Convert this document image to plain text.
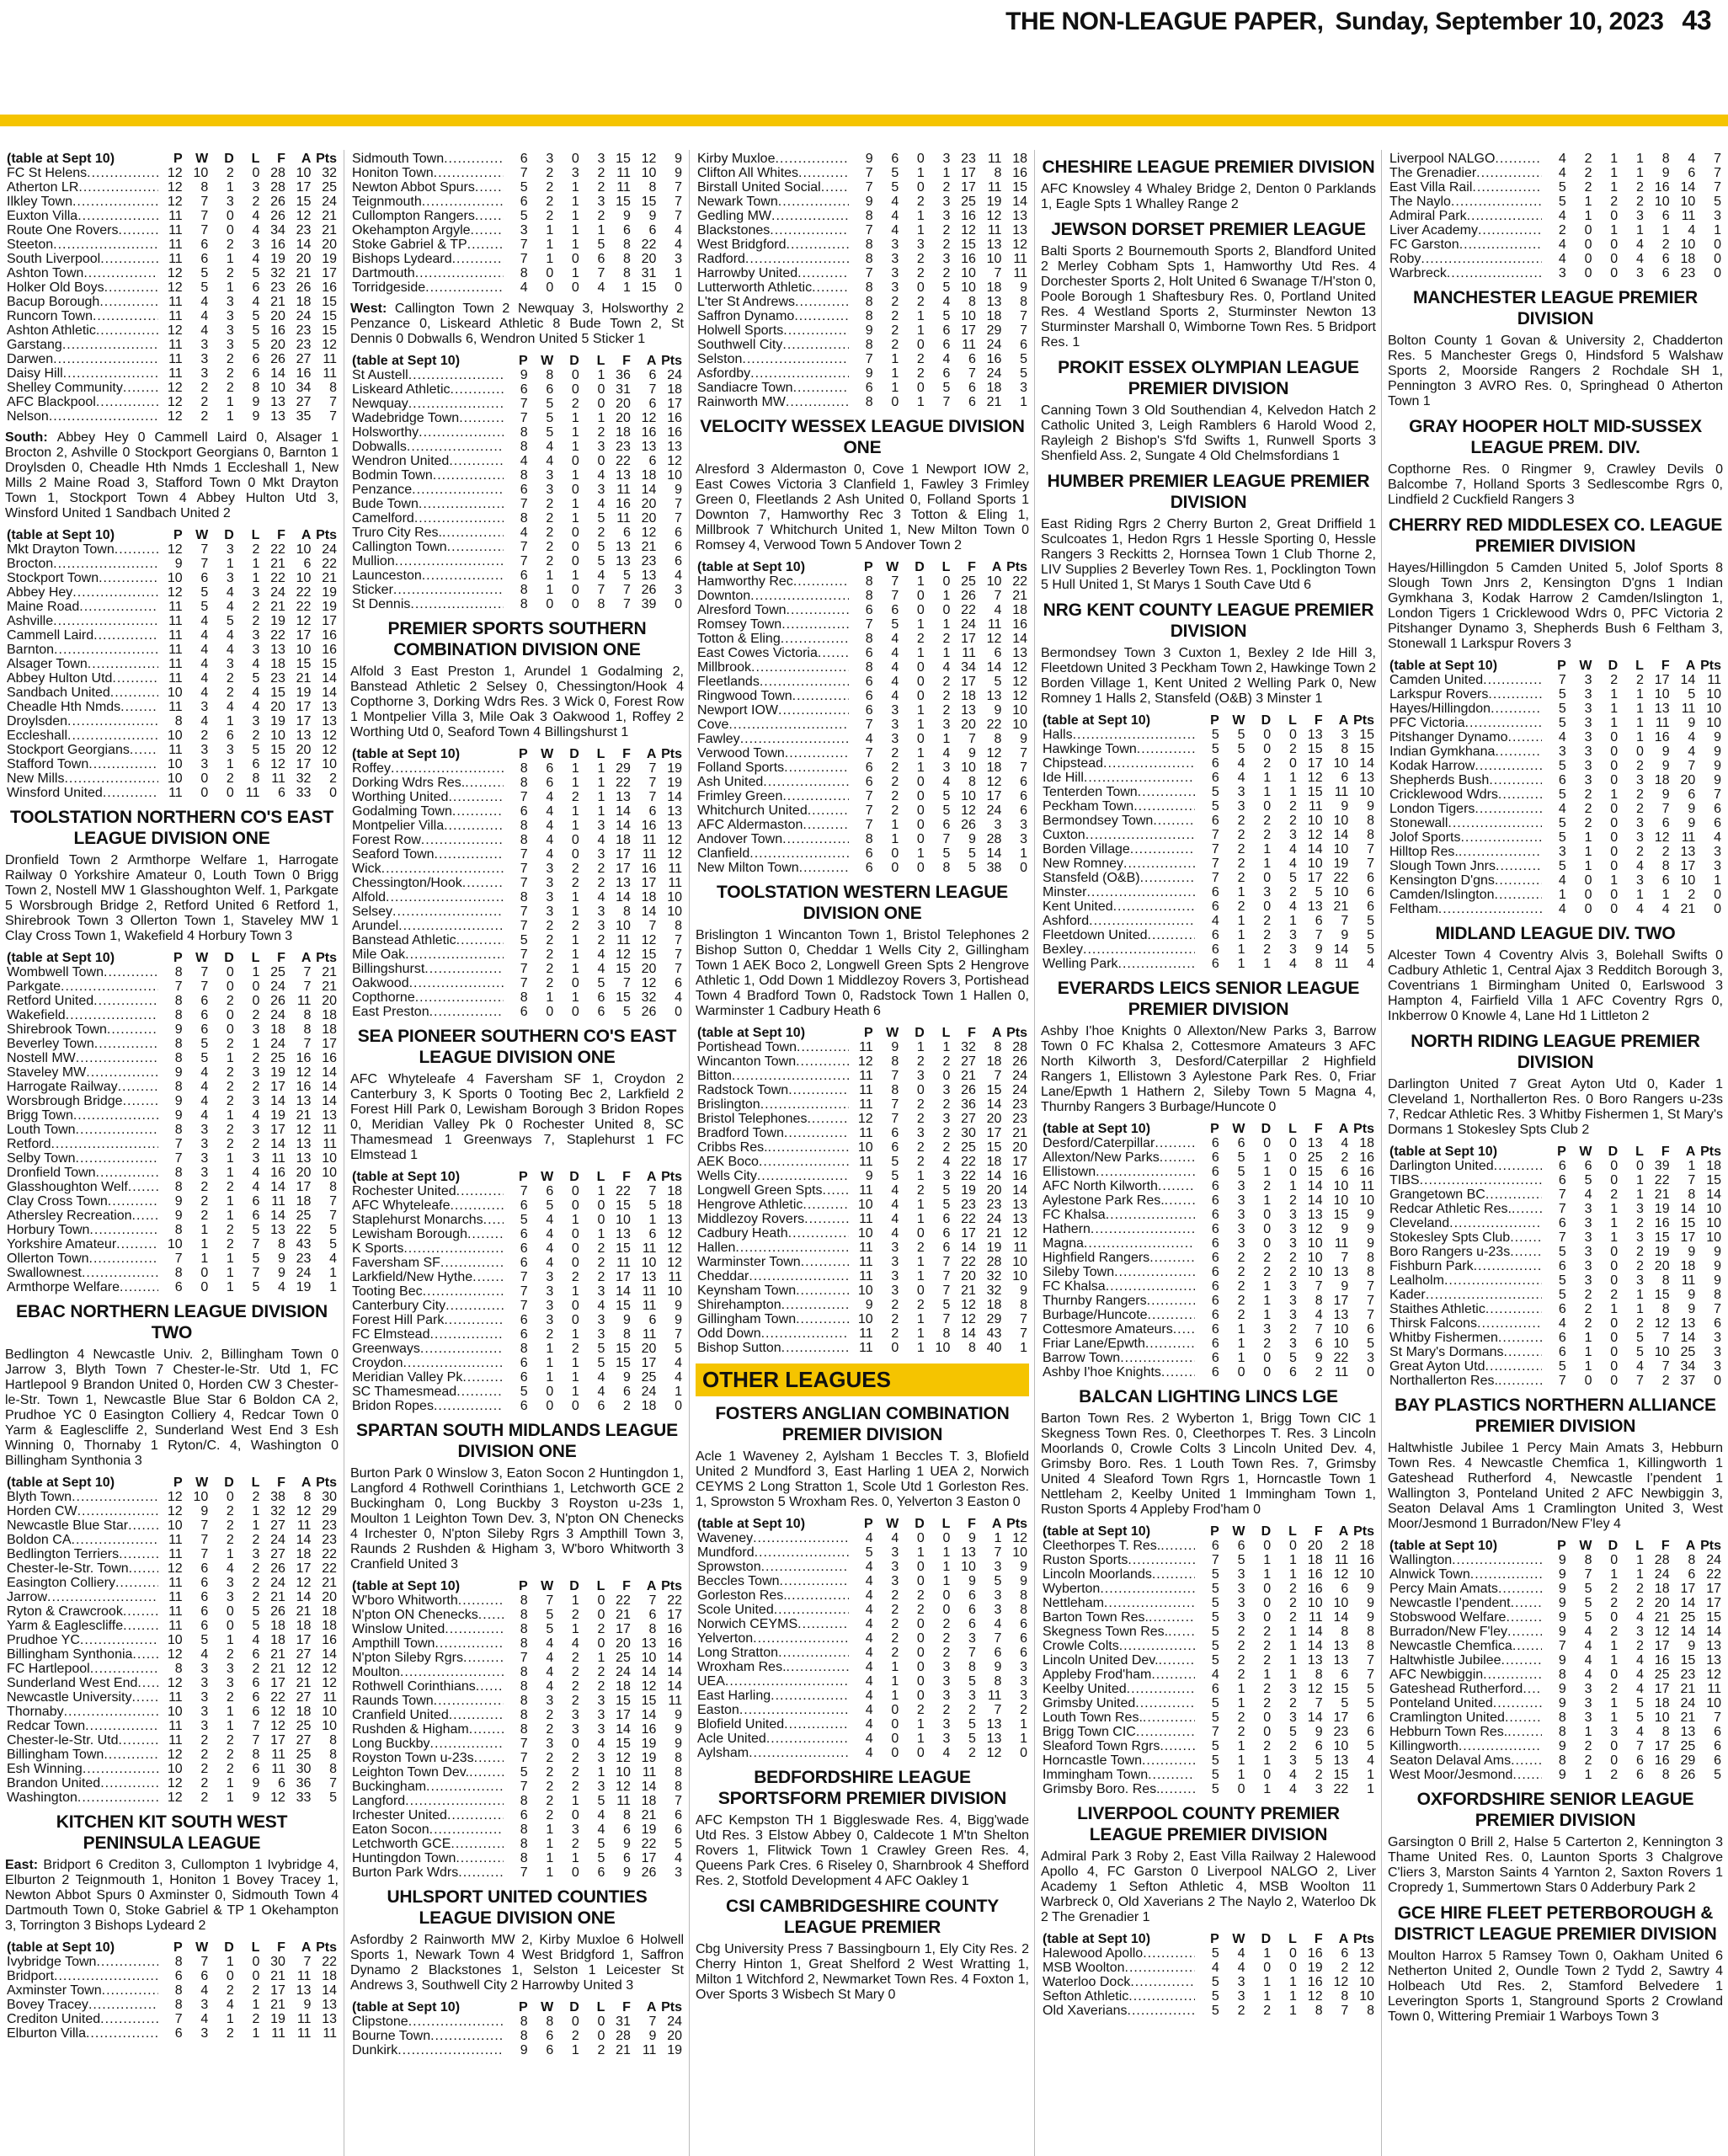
THE NON-LEAGUE PAPER, Sunday, September 10, 2023 43
(table at Sept 10)	P	W	D	L	F	A	Pts
FC St Helens .....	12	10	2	0	28	10	32
Atherton LR .....	12	8	1	3	28	17	25
Ilkley Town .....	12	7	3	2	26	15	24
Euxton Villa .....	11	7	0	4	26	12	21
Route One Rovers .....	11	7	0	4	34	23	21
Steeton .....	11	6	2	3	16	14	20
South Liverpool .....	11	6	1	4	19	20	19
Ashton Town .....	12	5	2	5	32	21	17
Holker Old Boys .....	12	5	1	6	23	26	16
Bacup Borough .....	11	4	3	4	21	18	15
Runcorn Town .....	11	4	3	5	20	24	15
Ashton Athletic .....	12	4	3	5	16	23	15
Garstang .....	11	3	3	5	20	23	12
Darwen .....	11	3	2	6	26	27	11
Daisy Hill .....	11	3	2	6	14	16	11
Shelley Community .....	12	2	2	8	10	34	8
AFC Blackpool .....	12	2	1	9	13	27	7
Nelson .....	12	2	1	9	13	35	7
South: Abbey Hey 0 Cammell Laird 0, Alsager 1 Brocton 2, Ashville 0 Stockport Georgians 0, Barnton 1 Droylsden 0, Cheadle Hth Nmds 1 Eccleshall 1, New Mills 2 Maine Road 3, Stafford Town 0 Mkt Drayton Town 1, Stockport Town 4 Abbey Hulton Utd 3, Winsford United 1 Sandbach United 2
(table at Sept 10)	P	W	D	L	F	A	Pts
Mkt Drayton Town .....	12	7	3	2	22	10	24
Brocton .....	9	7	1	1	21	6	22
Stockport Town .....	10	6	3	1	22	10	21
Abbey Hey .....	12	5	4	3	24	22	19
Maine Road .....	11	5	4	2	21	22	19
Ashville .....	11	4	5	2	19	12	17
Cammell Laird .....	11	4	4	3	22	17	16
Barnton .....	11	4	4	3	13	10	16
Alsager Town .....	11	4	3	4	18	15	15
Abbey Hulton Utd .....	11	4	2	5	23	21	14
Sandbach United .....	10	4	2	4	15	19	14
Cheadle Hth Nmds .....	11	3	4	4	20	17	13
Droylsden .....	8	4	1	3	19	17	13
Eccleshall .....	10	2	6	2	10	13	12
Stockport Georgians .....	11	3	3	5	15	20	12
Stafford Town .....	10	3	1	6	12	17	10
New Mills .....	10	0	2	8	11	32	2
Winsford United .....	11	0	0	11	6	33	0
TOOLSTATION NORTHERN CO'S EAST LEAGUE DIVISION ONE
Dronfield Town 2 Armthorpe Welfare 1, Harrogate Railway 0 Yorkshire Amateur 0, Louth Town 0 Brigg Town 2, Nostell MW 1 Glasshoughton Welf. 1, Parkgate 5 Worsbrough Bridge 2, Retford United 6 Retford 1, Shirebrook Town 3 Ollerton Town 1, Staveley MW 1 Clay Cross Town 1, Wakefield 4 Horbury Town 3
(table at Sept 10)	P	W	D	L	F	A	Pts
Wombwell Town .....	8	7	0	1	25	7	21
Parkgate .....	7	7	0	0	24	7	21
Retford United .....	8	6	2	0	26	11	20
Wakefield .....	8	6	0	2	24	8	18
Shirebrook Town .....	9	6	0	3	18	8	18
Beverley Town .....	8	5	2	1	24	7	17
Nostell MW .....	8	5	1	2	25	16	16
Staveley MW .....	9	4	2	3	19	12	14
Harrogate Railway .....	8	4	2	2	17	16	14
Worsbrough Bridge .....	9	4	2	3	14	13	14
Brigg Town .....	9	4	1	4	19	21	13
Louth Town .....	8	3	2	3	17	12	11
Retford .....	7	3	2	2	14	13	11
Selby Town .....	7	3	1	3	11	13	10
Dronfield Town .....	8	3	1	4	16	20	10
Glasshoughton Welf .....	8	2	2	4	14	17	8
Clay Cross Town .....	9	2	1	6	11	18	7
Athersley Recreation .....	9	2	1	6	14	25	7
Horbury Town .....	8	1	2	5	13	22	5
Yorkshire Amateur .....	10	1	2	7	8	43	5
Ollerton Town .....	7	1	1	5	9	23	4
Swallownest .....	8	0	1	7	9	24	1
Armthorpe Welfare .....	6	0	1	5	4	19	1
EBAC NORTHERN LEAGUE DIVISION TWO
Bedlington 4 Newcastle Univ. 2, Billingham Town 0 Jarrow 3, Blyth Town 7 Chester-le-Str. Utd 1, FC Hartlepool 9 Brandon United 0, Horden CW 3 Chester-le-Str. Town 1, Newcastle Blue Star 6 Boldon CA 2, Prudhoe YC 0 Easington Colliery 4, Redcar Town 0 Yarm & Eaglescliffe 2, Sunderland West End 3 Esh Winning 0, Thornaby 1 Ryton/C. 4, Washington 0 Billingham Synthonia 3
(table at Sept 10)	P	W	D	L	F	A	Pts
Blyth Town .....	12	10	0	2	38	8	30
Horden CW .....	12	9	2	1	32	12	29
Newcastle Blue Star .....	10	7	2	1	27	11	23
Boldon CA .....	11	7	2	2	24	14	23
Bedlington Terriers .....	11	7	1	3	27	18	22
Chester-le-Str. Town .....	12	6	4	2	26	17	22
Easington Colliery .....	11	6	3	2	24	12	21
Jarrow .....	11	6	3	2	21	14	20
Ryton & Crawcrook .....	11	6	0	5	26	21	18
Yarm & Eaglescliffe .....	11	6	0	5	18	18	18
Prudhoe YC .....	10	5	1	4	18	17	16
Billingham Synthonia .....	12	4	2	6	21	27	14
FC Hartlepool .....	8	3	3	2	21	12	12
Sunderland West End .....	12	3	3	6	17	21	12
Newcastle University .....	11	3	2	6	22	27	11
Thornaby .....	10	3	1	6	12	18	10
Redcar Town .....	11	3	1	7	12	25	10
Chester-le-Str. Utd .....	11	2	2	7	17	27	8
Billingham Town .....	12	2	2	8	11	25	8
Esh Winning .....	10	2	2	6	11	30	8
Brandon United .....	12	2	1	9	6	36	7
Washington .....	12	2	1	9	12	33	5
KITCHEN KIT SOUTH WEST PENINSULA LEAGUE
East: Bridport 6 Crediton 3, Cullompton 1 Ivybridge 4, Elburton 2 Teignmouth 1, Honiton 1 Bovey Tracey 1, Newton Abbot Spurs 0 Axminster 0, Sidmouth Town 4 Dartmouth Town 0, Stoke Gabriel & TP 1 Okehampton 3, Torrington 3 Bishops Lydeard 2
(table at Sept 10)	P	W	D	L	F	A	Pts
Ivybridge Town .....	8	7	1	0	30	7	22
Bridport .....	6	6	0	0	21	11	18
Axminster Town .....	8	4	2	2	17	13	14
Bovey Tracey .....	8	3	4	1	21	9	13
Crediton United .....	7	4	1	2	19	11	13
Elburton Villa .....	6	3	2	1	11	11	11
Sidmouth Town .....	6	3	0	3	15	12	9
Honiton Town .....	7	2	3	2	11	10	9
Newton Abbot Spurs .....	5	2	1	2	11	8	7
Teignmouth .....	6	2	1	3	15	15	7
Cullompton Rangers .....	5	2	1	2	9	9	7
Okehampton Argyle .....	3	1	1	1	6	6	4
Stoke Gabriel & TP .....	7	1	1	5	8	22	4
Bishops Lydeard .....	7	1	0	6	8	20	3
Dartmouth .....	8	0	1	7	8	31	1
Torridgeside .....	4	0	0	4	1	15	0
West: Callington Town 2 Newquay 3, Holsworthy 2 Penzance 0, Liskeard Athletic 8 Bude Town 2, St Dennis 0 Dobwalls 6, Wendron United 5 Sticker 1
(table at Sept 10)	P	W	D	L	F	A	Pts
St Austell .....	9	8	0	1	36	6	24
Liskeard Athletic .....	6	6	0	0	31	7	18
Newquay .....	7	5	2	0	20	6	17
Wadebridge Town .....	7	5	1	1	20	12	16
Holsworthy .....	8	5	1	2	18	16	16
Dobwalls .....	8	4	1	3	23	13	13
Wendron United .....	4	4	0	0	22	6	12
Bodmin Town .....	8	3	1	4	13	18	10
Penzance .....	6	3	0	3	11	14	9
Bude Town .....	7	2	1	4	16	20	7
Camelford .....	8	2	1	5	11	20	7
Truro City Res. .....	4	2	0	2	6	12	6
Callington Town .....	7	2	0	5	13	21	6
Mullion .....	7	2	0	5	13	23	6
Launceston .....	6	1	1	4	5	13	4
Sticker .....	8	1	0	7	7	26	3
St Dennis .....	8	0	0	8	7	39	0
PREMIER SPORTS SOUTHERN COMBINATION DIVISION ONE
Alfold 3 East Preston 1, Arundel 1 Godalming 2, Banstead Athletic 2 Selsey 0, Chessington/Hook 4 Copthorne 3, Dorking Wdrs Res. 3 Wick 0, Forest Row 1 Montpelier Villa 3, Mile Oak 3 Oakwood 1, Roffey 2 Worthing Utd 0, Seaford Town 4 Billingshurst 1
(table at Sept 10)	P	W	D	L	F	A	Pts
Roffey .....	8	6	1	1	29	7	19
Dorking Wdrs Res. .....	8	6	1	1	22	7	19
Worthing United .....	7	4	2	1	13	7	14
Godalming Town .....	6	4	1	1	14	6	13
Montpelier Villa .....	8	4	1	3	14	16	13
Forest Row .....	8	4	0	4	18	11	12
Seaford Town .....	7	4	0	3	17	11	12
Wick .....	7	3	2	2	17	16	11
Chessington/Hook .....	7	3	2	2	13	17	11
Alfold .....	8	3	1	4	14	18	10
Selsey .....	7	3	1	3	8	14	10
Arundel .....	7	2	2	3	10	7	8
Banstead Athletic .....	5	2	1	2	11	12	7
Mile Oak .....	7	2	1	4	12	15	7
Billingshurst .....	7	2	1	4	15	20	7
Oakwood .....	7	2	0	5	7	12	6
Copthorne .....	8	1	1	6	15	32	4
East Preston .....	6	0	0	6	5	26	0
SEA PIONEER SOUTHERN CO'S EAST LEAGUE DIVISION ONE
AFC Whyteleafe 4 Faversham SF 1, Croydon 2 Canterbury 3, K Sports 0 Tooting Bec 2, Larkfield 2 Forest Hill Park 0, Lewisham Borough 3 Bridon Ropes 0, Meridian Valley Pk 0 Rochester United 8, SC Thamesmead 1 Greenways 7, Staplehurst 1 FC Elmstead 1
(table at Sept 10)	P	W	D	L	F	A	Pts
Rochester United .....	7	6	0	1	22	7	18
AFC Whyteleafe .....	6	5	0	0	15	5	18
Staplehurst Monarchs .....	5	4	1	0	10	1	13
Lewisham Borough .....	6	4	0	1	13	6	12
K Sports .....	6	4	0	2	15	11	12
Faversham SF .....	6	4	0	2	11	10	12
Larkfield/New Hythe .....	7	3	2	2	17	13	11
Tooting Bec .....	7	3	1	3	14	11	10
Canterbury City .....	7	3	0	4	15	11	9
Forest Hill Park .....	6	3	0	3	9	6	9
FC Elmstead .....	6	2	1	3	8	11	7
Greenways .....	8	1	2	5	15	20	5
Croydon .....	6	1	1	5	15	17	4
Meridian Valley Pk .....	6	1	1	4	9	25	4
SC Thamesmead .....	5	0	1	4	6	24	1
Bridon Ropes .....	6	0	0	6	2	18	0
SPARTAN SOUTH MIDLANDS LEAGUE DIVISION ONE
Burton Park 0 Winslow 3, Eaton Socon 2 Huntingdon 1, Langford 4 Rothwell Corinthians 1, Letchworth GCE 2 Buckingham 0, Long Buckby 3 Royston u-23s 1, Moulton 1 Leighton Town Dev. 3, N'pton ON Chenecks 4 Irchester 0, N'pton Sileby Rgrs 3 Ampthill Town 3, Raunds 2 Rushden & Higham 3, W'boro Whitworth 3 Cranfield United 3
(table at Sept 10)	P	W	D	L	F	A	Pts
W'boro Whitworth .....	8	7	1	0	22	7	22
N'pton ON Chenecks .....	8	5	2	0	21	6	17
Winslow United .....	8	5	1	2	17	8	16
Ampthill Town .....	8	4	4	0	20	13	16
N'pton Sileby Rgrs .....	7	4	2	1	25	10	14
Moulton .....	8	4	2	2	24	14	14
Rothwell Corinthians .....	8	4	2	2	18	12	14
Raunds Town .....	8	3	2	3	15	15	11
Cranfield United .....	8	2	3	3	17	14	9
Rushden & Higham .....	8	2	3	3	14	16	9
Long Buckby .....	7	3	0	4	15	19	9
Royston Town u-23s .....	7	2	2	3	12	19	8
Leighton Town Dev. .....	5	2	2	1	10	11	8
Buckingham .....	7	2	2	3	12	14	8
Langford .....	8	2	1	5	11	18	7
Irchester United .....	6	2	0	4	8	21	6
Eaton Socon .....	8	1	3	4	6	19	6
Letchworth GCE .....	8	1	2	5	9	22	5
Huntingdon Town .....	8	1	1	5	6	17	4
Burton Park Wdrs .....	7	1	0	6	9	26	3
UHLSPORT UNITED COUNTIES LEAGUE DIVISION ONE
Asfordby 2 Rainworth MW 2, Kirby Muxloe 6 Holwell Sports 1, Newark Town 4 West Bridgford 1, Saffron Dynamo 2 Blackstones 1, Selston 1 Leicester St Andrews 3, Southwell City 2 Harrowby United 3
(table at Sept 10)	P	W	D	L	F	A	Pts
Clipstone .....	8	8	0	0	31	7	24
Bourne Town .....	8	6	2	0	28	9	20
Dunkirk .....	9	6	1	2	21	11	19
Kirby Muxloe .....	9	6	0	3	23	11	18
Clifton All Whites .....	7	5	1	1	17	8	16
Birstall United Social .....	7	5	0	2	17	11	15
Newark Town .....	9	4	2	3	25	19	14
Gedling MW .....	8	4	1	3	16	12	13
Blackstones .....	7	4	1	2	12	11	13
West Bridgford .....	8	3	3	2	15	13	12
Radford .....	8	3	2	3	16	10	11
Harrowby United .....	7	3	2	2	10	7	11
Lutterworth Athletic .....	8	3	0	5	10	18	9
L'ter St Andrews .....	8	2	2	4	8	13	8
Saffron Dynamo .....	8	2	1	5	10	18	7
Holwell Sports .....	9	2	1	6	17	29	7
Southwell City .....	8	2	0	6	11	24	6
Selston .....	7	1	2	4	6	16	5
Asfordby .....	9	1	2	6	7	24	5
Sandiacre Town .....	6	1	0	5	6	18	3
Rainworth MW .....	8	0	1	7	6	21	1
VELOCITY WESSEX LEAGUE DIVISION ONE
Alresford 3 Aldermaston 0, Cove 1 Newport IOW 2, East Cowes Victoria 3 Clanfield 1, Fawley 3 Frimley Green 0, Fleetlands 2 Ash United 0, Folland Sports 1 Downton 7, Hamworthy Rec 3 Totton & Eling 1, Millbrook 7 Whitchurch United 1, New Milton Town 0 Romsey 4, Verwood Town 5 Andover Town 2
(table at Sept 10)	P	W	D	L	F	A	Pts
Hamworthy Rec .....	8	7	1	0	25	10	22
Downton .....	8	7	0	1	26	7	21
Alresford Town .....	6	6	0	0	22	4	18
Romsey Town .....	7	5	1	1	24	11	16
Totton & Eling .....	8	4	2	2	17	12	14
East Cowes Victoria .....	6	4	1	1	11	6	13
Millbrook .....	8	4	0	4	34	14	12
Fleetlands .....	6	4	0	2	17	5	12
Ringwood Town .....	6	4	0	2	18	13	12
Newport IOW .....	6	3	1	2	13	9	10
Cove .....	7	3	1	3	20	22	10
Fawley .....	4	3	0	1	7	8	9
Verwood Town .....	7	2	1	4	9	12	7
Folland Sports .....	6	2	1	3	10	18	7
Ash United .....	6	2	0	4	8	12	6
Frimley Green .....	7	2	0	5	10	17	6
Whitchurch United .....	7	2	0	5	12	24	6
AFC Aldermaston .....	7	1	0	6	26	3	3
Andover Town .....	8	1	0	7	9	28	3
Clanfield .....	6	0	1	5	5	14	1
New Milton Town .....	6	0	0	8	5	38	0
TOOLSTATION WESTERN LEAGUE DIVISION ONE
Brislington 1 Wincanton Town 1, Bristol Telephones 2 Bishop Sutton 0, Cheddar 1 Wells City 2, Gillingham Town 1 AEK Boco 2, Longwell Green Spts 2 Hengrove Athletic 1, Odd Down 1 Middlezoy Rovers 3, Portishead Town 4 Bradford Town 0, Radstock Town 1 Hallen 0, Warminster 1 Cadbury Heath 6
(table at Sept 10)	P	W	D	L	F	A	Pts
Portishead Town .....	11	9	1	1	32	8	28
Wincanton Town .....	12	8	2	2	27	18	26
Bitton .....	11	7	3	0	21	7	24
Radstock Town .....	11	8	0	3	26	15	24
Brislington .....	11	7	2	2	36	14	23
Bristol Telephones .....	12	7	2	3	27	20	23
Bradford Town .....	11	6	3	2	30	17	21
Cribbs Res. .....	10	6	2	2	25	15	20
AEK Boco .....	11	5	2	4	22	18	17
Wells City .....	9	5	1	3	22	14	16
Longwell Green Spts .....	11	4	2	5	19	20	14
Hengrove Athletic .....	10	4	1	5	23	23	13
Middlezoy Rovers .....	11	4	1	6	22	24	13
Cadbury Heath .....	10	4	0	6	17	21	12
Hallen .....	11	3	2	6	14	19	11
Warminster Town .....	11	3	1	7	22	28	10
Cheddar .....	11	3	1	7	20	32	10
Keynsham Town .....	10	3	0	7	21	32	9
Shirehampton .....	9	2	2	5	12	18	8
Gillingham Town .....	10	2	1	7	12	29	7
Odd Down .....	11	2	1	8	14	43	7
Bishop Sutton .....	11	0	1	10	8	40	1
OTHER LEAGUES
FOSTERS ANGLIAN COMBINATION PREMIER DIVISION
Acle 1 Waveney 2, Aylsham 1 Beccles T. 3, Blofield United 2 Mundford 3, East Harling 1 UEA 2, Norwich CEYMS 2 Long Stratton 1, Scole Utd 1 Gorleston Res. 1, Sprowston 5 Wroxham Res. 0, Yelverton 3 Easton 0
(table at Sept 10)	P	W	D	L	F	A	Pts
Waveney .....	4	4	0	0	9	1	12
Mundford .....	5	3	1	1	13	7	10
Sprowston .....	4	3	0	1	10	3	9
Beccles Town .....	4	3	0	1	9	5	9
Gorleston Res. .....	4	2	2	0	6	3	8
Scole United .....	4	2	2	0	6	3	8
Norwich CEYMS .....	4	2	0	2	6	4	6
Yelverton .....	4	2	0	2	3	7	6
Long Stratton .....	4	2	0	2	7	6	6
Wroxham Res. .....	4	1	0	3	8	9	3
UEA .....	4	1	0	3	5	8	3
East Harling .....	4	1	0	3	3	11	3
Easton .....	4	0	2	2	2	7	2
Blofield United .....	4	0	1	3	5	13	1
Acle United .....	4	0	1	3	5	13	1
Aylsham .....	4	0	0	4	2	12	0
BEDFORDSHIRE LEAGUE SPORTSFORM PREMIER DIVISION
AFC Kempston TH 1 Biggleswade Res. 4, Bigg'wade Utd Res. 3 Elstow Abbey 0, Caldecote 1 M'tn Shelton Rovers 1, Flitwick Town 1 Crawley Green Res. 4, Queens Park Cres. 6 Riseley 0, Sharnbrook 4 Shefford Res. 2, Stotfold Development 4 AFC Oakley 1
CSI CAMBRIDGESHIRE COUNTY LEAGUE PREMIER
Cbg University Press 7 Bassingbourn 1, Ely City Res. 2 Cherry Hinton 1, Great Shelford 2 West Wratting 1, Milton 1 Witchford 2, Newmarket Town Res. 4 Foxton 1, Over Sports 3 Wisbech St Mary 0
CHESHIRE LEAGUE PREMIER DIVISION
AFC Knowsley 4 Whaley Bridge 2, Denton 0 Parklands 1, Eagle Spts 1 Whalley Range 2
JEWSON DORSET PREMIER LEAGUE
Balti Sports 2 Bournemouth Sports 2, Blandford United 2 Merley Cobham Spts 1, Hamworthy Utd Res. 4 Dorchester Sports 2, Holt United 6 Swanage T/H'ston 0, Poole Borough 1 Shaftesbury Res. 0, Portland United Res. 4 Westland Sports 2, Sturminster Newton 13 Sturminster Marshall 0, Wimborne Town Res. 5 Bridport Res. 1
PROKIT ESSEX OLYMPIAN LEAGUE PREMIER DIVISION
Canning Town 3 Old Southendian 4, Kelvedon Hatch 2 Catholic United 3, Leigh Ramblers 6 Harold Wood 2, Rayleigh 2 Bishop's S'fd Swifts 1, Runwell Sports 3 Shenfield Ass. 2, Sungate 4 Old Chelmsfordians 1
HUMBER PREMIER LEAGUE PREMIER DIVISION
East Riding Rgrs 2 Cherry Burton 2, Great Driffield 1 Sculcoates 1, Hedon Rgrs 1 Hessle Sporting 0, Hessle Rangers 3 Reckitts 2, Hornsea Town 1 Club Thorne 2, LIV Supplies 2 Beverley Town Res. 1, Pocklington Town 5 Hull United 1, St Marys 1 South Cave Utd 6
NRG KENT COUNTY LEAGUE PREMIER DIVISION
Bermondsey Town 3 Cuxton 1, Bexley 2 Ide Hill 3, Fleetdown United 3 Peckham Town 2, Hawkinge Town 2 Borden Village 1, Kent United 2 Welling Park 0, New Romney 1 Halls 2, Stansfeld (O&B) 3 Minster 1
(table at Sept 10)	P	W	D	L	F	A	Pts
Halls .....	5	5	0	0	13	3	15
Hawkinge Town .....	5	5	0	2	15	8	15
Chipstead .....	6	4	2	0	17	10	14
Ide Hill .....	6	4	1	1	12	6	13
Tenterden Town .....	5	3	1	1	15	11	10
Peckham Town .....	5	3	0	2	11	9	9
Bermondsey Town .....	6	2	2	2	10	10	8
Cuxton .....	7	2	2	3	12	14	8
Borden Village .....	7	2	1	4	14	10	7
New Romney .....	7	2	1	4	10	19	7
Stansfeld (O&B) .....	7	2	0	5	17	22	6
Minster .....	6	1	3	2	5	10	6
Kent United .....	6	2	0	4	13	21	6
Ashford .....	4	1	2	1	6	7	5
Fleetdown United .....	6	1	2	3	7	9	5
Bexley .....	6	1	2	3	9	14	5
Welling Park .....	6	1	1	4	8	11	4
EVERARDS LEICS SENIOR LEAGUE PREMIER DIVISION
Ashby I'hoe Knights 0 Allexton/New Parks 3, Barrow Town 0 FC Khalsa 2, Cottesmore Amateurs 3 AFC North Kilworth 3, Desford/Caterpillar 2 Highfield Rangers 1, Ellistown 3 Aylestone Park Res. 0, Friar Lane/Epwth 1 Hathern 2, Sileby Town 5 Magna 4, Thurnby Rangers 3 Burbage/Huncote 0
(table at Sept 10)	P	W	D	L	F	A	Pts
Desford/Caterpillar .....	6	6	0	0	13	4	18
Allexton/New Parks .....	6	5	1	0	25	2	16
Ellistown .....	6	5	1	0	15	6	16
AFC North Kilworth .....	6	3	2	1	14	10	11
Aylestone Park Res. .....	6	3	1	2	14	10	10
FC Khalsa .....	6	3	0	3	13	15	9
Hathern .....	6	3	0	3	12	9	9
Magna .....	6	3	0	3	10	11	9
Highfield Rangers .....	6	2	2	2	10	7	8
Sileby Town .....	6	2	2	2	10	13	8
FC Khalsa .....	6	2	1	3	7	9	7
Thurnby Rangers .....	6	2	1	3	8	17	7
Burbage/Huncote .....	6	2	1	3	4	13	7
Cottesmore Amateurs .....	6	1	3	2	7	10	6
Friar Lane/Epwth .....	6	1	2	3	6	10	5
Barrow Town .....	6	1	0	5	9	22	3
Ashby I'hoe Knights .....	6	0	0	6	2	11	0
BALCAN LIGHTING LINCS LGE
Barton Town Res. 2 Wyberton 1, Brigg Town CIC 1 Skegness Town Res. 0, Cleethorpes T. Res. 3 Lincoln Moorlands 0, Crowle Colts 3 Lincoln United Dev. 4, Grimsby Boro. Res. 1 Louth Town Res. 7, Grimsby United 4 Sleaford Town Rgrs 1, Horncastle Town 1 Nettleham 2, Keelby United 1 Immingham Town 1, Ruston Sports 4 Appleby Frod'ham 0
(table at Sept 10)	P	W	D	L	F	A	Pts
Cleethorpes T. Res. .....	6	6	0	0	20	2	18
Ruston Sports .....	7	5	1	1	18	11	16
Lincoln Moorlands .....	5	3	1	1	16	12	10
Wyberton .....	5	3	0	2	16	6	9
Nettleham .....	5	3	0	2	10	10	9
Barton Town Res. .....	5	3	0	2	11	14	9
Skegness Town Res. .....	5	2	2	1	14	8	8
Crowle Colts .....	5	2	2	1	14	13	8
Lincoln United Dev. .....	5	2	2	1	13	13	7
Appleby Frod'ham .....	4	2	1	1	8	6	7
Keelby United .....	6	1	2	3	12	15	5
Grimsby United .....	5	1	2	2	7	5	5
Louth Town Res. .....	5	2	0	3	14	17	6
Brigg Town CIC .....	7	2	0	5	9	23	6
Sleaford Town Rgrs .....	5	1	2	2	6	10	5
Horncastle Town .....	5	1	1	3	5	13	4
Immingham Town .....	5	1	0	4	2	15	1
Grimsby Boro. Res. .....	5	0	1	4	3	22	1
LIVERPOOL COUNTY PREMIER LEAGUE PREMIER DIVISION
Admiral Park 3 Roby 2, East Villa Railway 2 Halewood Apollo 4, FC Garston 0 Liverpool NALGO 2, Liver Academy 1 Sefton Athletic 4, MSB Woolton 11 Warbreck 0, Old Xaverians 2 The Naylo 2, Waterloo Dk 2 The Grenadier 1
(table at Sept 10)	P	W	D	L	F	A	Pts
Halewood Apollo .....	5	4	1	0	16	6	13
MSB Woolton .....	4	4	0	0	19	2	12
Waterloo Dock .....	5	3	1	1	16	12	10
Sefton Athletic .....	5	3	1	1	12	8	10
Old Xaverians .....	5	2	2	1	8	7	8
Liverpool NALGO .....	4	2	1	1	8	4	7
The Grenadier .....	4	2	1	1	9	6	7
East Villa Rail .....	5	2	1	2	16	14	7
The Naylo .....	5	1	2	2	10	10	5
Admiral Park .....	4	1	0	3	6	11	3
Liver Academy .....	2	0	1	1	1	4	1
FC Garston .....	4	0	0	4	2	10	0
Roby .....	4	0	0	4	6	18	0
Warbreck .....	3	0	0	3	6	23	0
MANCHESTER LEAGUE PREMIER DIVISION
Bolton County 1 Govan & University 2, Chadderton Res. 5 Manchester Gregs 0, Hindsford 5 Walshaw Sports 2, Moorside Rangers 2 Rochdale SH 1, Pennington 3 AVRO Res. 0, Springhead 0 Atherton Town 1
GRAY HOOPER HOLT MID-SUSSEX LEAGUE PREM. DIV.
Copthorne Res. 0 Ringmer 9, Crawley Devils 0 Balcombe 7, Holland Sports 3 Sedlescombe Rgrs 0, Lindfield 2 Cuckfield Rangers 3
CHERRY RED MIDDLESEX CO. LEAGUE PREMIER DIVISION
Hayes/Hillingdon 5 Camden United 5, Jolof Sports 8 Slough Town Jnrs 2, Kensington D'gns 1 Indian Gymkhana 3, Kodak Harrow 2 Camden/Islington 1, London Tigers 1 Cricklewood Wdrs 0, PFC Victoria 2 Pitshanger Dynamo 3, Shepherds Bush 6 Feltham 3, Stonewall 1 Larkspur Rovers 3
(table at Sept 10)	P	W	D	L	F	A	Pts
Camden United .....	7	3	2	2	17	14	11
Larkspur Rovers .....	5	3	1	1	10	5	10
Hayes/Hillingdon .....	5	3	1	1	13	11	10
PFC Victoria .....	5	3	1	1	11	9	10
Pitshanger Dynamo .....	4	3	0	1	16	4	9
Indian Gymkhana .....	3	3	0	0	9	4	9
Kodak Harrow .....	5	3	0	2	9	7	9
Shepherds Bush .....	6	3	0	3	18	20	9
Cricklewood Wdrs .....	5	2	1	2	9	6	7
London Tigers .....	4	2	0	2	7	9	6
Stonewall .....	5	2	0	3	6	9	6
Jolof Sports .....	5	1	0	3	12	11	4
Hilltop Res. .....	3	1	0	2	2	13	3
Slough Town Jnrs .....	5	1	0	4	8	17	3
Kensington D'gns .....	4	0	1	3	6	10	1
Camden/Islington .....	1	0	0	1	1	2	0
Feltham .....	4	0	0	4	4	21	0
MIDLAND LEAGUE DIV. TWO
Alcester Town 4 Coventry Alvis 3, Bolehall Swifts 0 Cadbury Athletic 1, Central Ajax 3 Redditch Borough 3, Coventrians 1 Birmingham United 0, Earlswood 3 Hampton 4, Fairfield Villa 1 AFC Coventry Rgrs 0, Inkberrow 0 Knowle 4, Lane Hd 1 Littleton 2
NORTH RIDING LEAGUE PREMIER DIVISION
Darlington United 7 Great Ayton Utd 0, Kader 1 Cleveland 1, Northallerton Res. 0 Boro Rangers u-23s 7, Redcar Athletic Res. 3 Whitby Fishermen 1, St Mary's Dormans 1 Stokesley Spts Club 2
(table at Sept 10)	P	W	D	L	F	A	Pts
Darlington United .....	6	6	0	0	39	1	18
TIBS .....	6	5	0	1	22	7	15
Grangetown BC .....	7	4	2	1	21	8	14
Redcar Athletic Res. .....	7	3	1	3	19	14	10
Cleveland .....	6	3	1	2	16	15	10
Stokesley Spts Club .....	7	3	1	3	15	17	10
Boro Rangers u-23s .....	5	3	0	2	19	9	9
Fishburn Park .....	6	3	0	2	20	18	9
Lealholm .....	5	3	0	3	8	11	9
Kader .....	5	2	2	1	15	9	8
Staithes Athletic .....	6	2	1	1	8	9	7
Thirsk Falcons .....	4	2	0	2	12	13	6
Whitby Fishermen .....	6	1	0	5	7	14	3
St Mary's Dormans .....	6	1	0	5	10	25	3
Great Ayton Utd .....	5	1	0	4	7	34	3
Northallerton Res. .....	7	0	0	7	2	37	0
BAY PLASTICS NORTHERN ALLIANCE PREMIER DIVISION
Haltwhistle Jubilee 1 Percy Main Amats 3, Hebburn Town Res. 4 Newcastle Chemfica 1, Killingworth 1 Gateshead Rutherford 4, Newcastle I'pendent 1 Wallington 3, Ponteland United 2 AFC Newbiggin 3, Seaton Delaval Ams 1 Cramlington United 3, West Moor/Jesmond 1 Burradon/New F'ley 4
(table at Sept 10)	P	W	D	L	F	A	Pts
Wallington .....	9	8	0	1	28	8	24
Alnwick Town .....	9	7	1	1	24	6	22
Percy Main Amats .....	9	5	2	2	18	17	17
Newcastle I'pendent .....	9	5	2	2	20	14	17
Stobswood Welfare .....	9	5	0	4	21	25	15
Burradon/New F'ley .....	9	4	2	3	12	14	14
Newcastle Chemfica .....	7	4	1	2	17	9	13
Haltwhistle Jubilee .....	9	4	1	4	16	15	13
AFC Newbiggin .....	8	4	0	4	25	23	12
Gateshead Rutherford .....	9	3	2	4	17	21	11
Ponteland United .....	9	3	1	5	18	24	10
Cramlington United .....	8	3	1	5	10	21	7
Hebburn Town Res. .....	8	1	3	4	8	13	6
Killingworth .....	9	2	0	7	17	25	6
Seaton Delaval Ams .....	8	2	0	6	16	29	6
West Moor/Jesmond .....	9	1	2	6	8	26	5
OXFORDSHIRE SENIOR LEAGUE PREMIER DIVISION
Garsington 0 Brill 2, Halse 5 Carterton 2, Kennington 3 Thame United Res. 0, Launton Sports 3 Chalgrove C'liers 3, Marston Saints 4 Yarnton 2, Saxton Rovers 1 Cropredy 1, Summertown Stars 0 Adderbury Park 2
GCE HIRE FLEET PETERBOROUGH & DISTRICT LEAGUE PREMIER DIVISION
Moulton Harrox 5 Ramsey Town 0, Oakham United 6 Netherton United 2, Oundle Town 2 Tydd 2, Sawtry 4 Holbeach Utd Res. 2, Stamford Belvedere 1 Leverington Sports 1, Stanground Sports 2 Crowland Town 0, Wittering Premiair 1 Warboys Town 3
